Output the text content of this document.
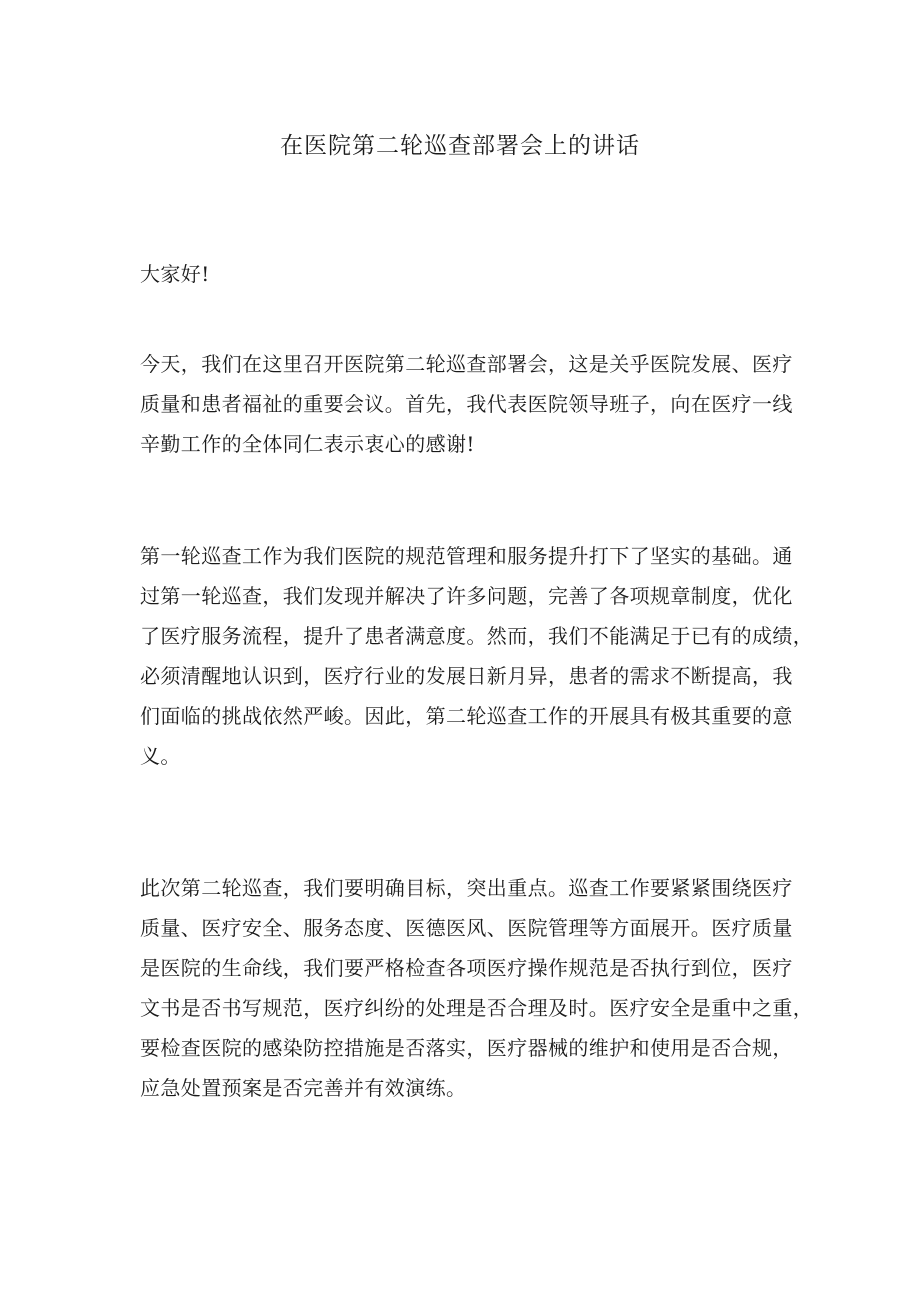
在医院第二轮巡查部署会上的讲话

大家好!

今天，我们在这里召开医院第二轮巡查部署会，这是关乎医院发展、医疗
质量和患者福祉的重要会议。首先，我代表医院领导班子，向在医疗一线
辛勤工作的全体同仁表示衷心的感谢!

第一轮巡查工作为我们医院的规范管理和服务提升打下了坚实的基础。通
过第一轮巡查，我们发现并解决了许多问题，完善了各项规章制度，优化
了医疗服务流程，提升了患者满意度。然而，我们不能满足于已有的成绩，
必须清醒地认识到，医疗行业的发展日新月异，患者的需求不断提高，我
们面临的挑战依然严峻。因此，第二轮巡查工作的开展具有极其重要的意
义。

此次第二轮巡查，我们要明确目标，突出重点。巡查工作要紧紧围绕医疗
质量、医疗安全、服务态度、医德医风、医院管理等方面展开。医疗质量
是医院的生命线，我们要严格检查各项医疗操作规范是否执行到位，医疗
文书是否书写规范，医疗纠纷的处理是否合理及时。医疗安全是重中之重，
要检查医院的感染防控措施是否落实，医疗器械的维护和使用是否合规，
应急处置预案是否完善并有效演练。
